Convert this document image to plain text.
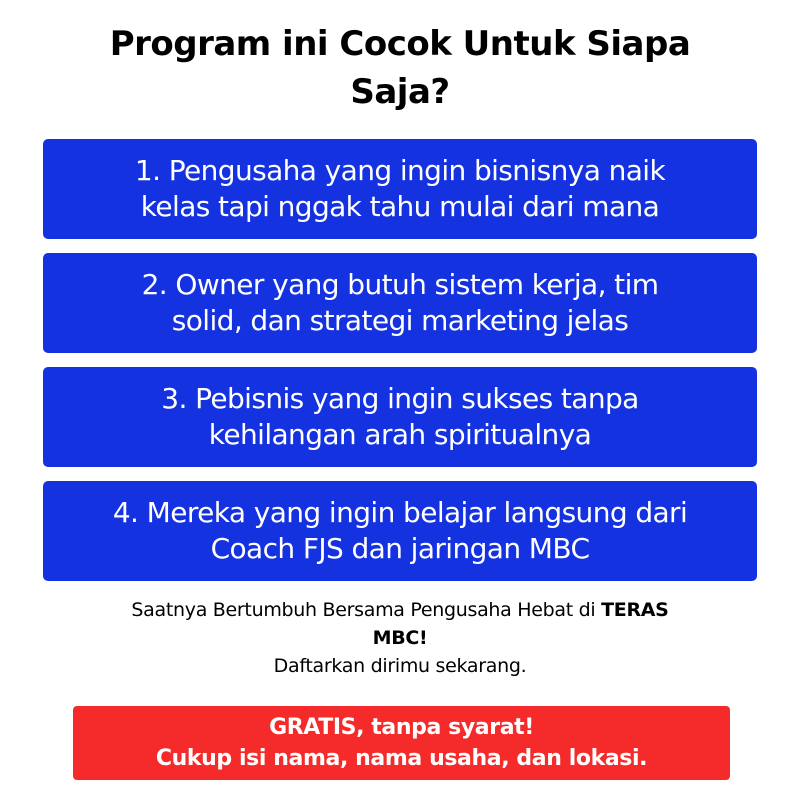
Program ini Cocok Untuk Siapa
Saja?
1. Pengusaha yang ingin bisnisnya naik
kelas tapi nggak tahu mulai dari mana
2. Owner yang butuh sistem kerja, tim
solid, dan strategi marketing jelas
3. Pebisnis yang ingin sukses tanpa
kehilangan arah spiritualnya
4. Mereka yang ingin belajar langsung dari
Coach FJS dan jaringan MBC
Saatnya Bertumbuh Bersama Pengusaha Hebat di TERAS
MBC!
Daftarkan dirimu sekarang.
GRATIS, tanpa syarat!
Cukup isi nama, nama usaha, dan lokasi.
